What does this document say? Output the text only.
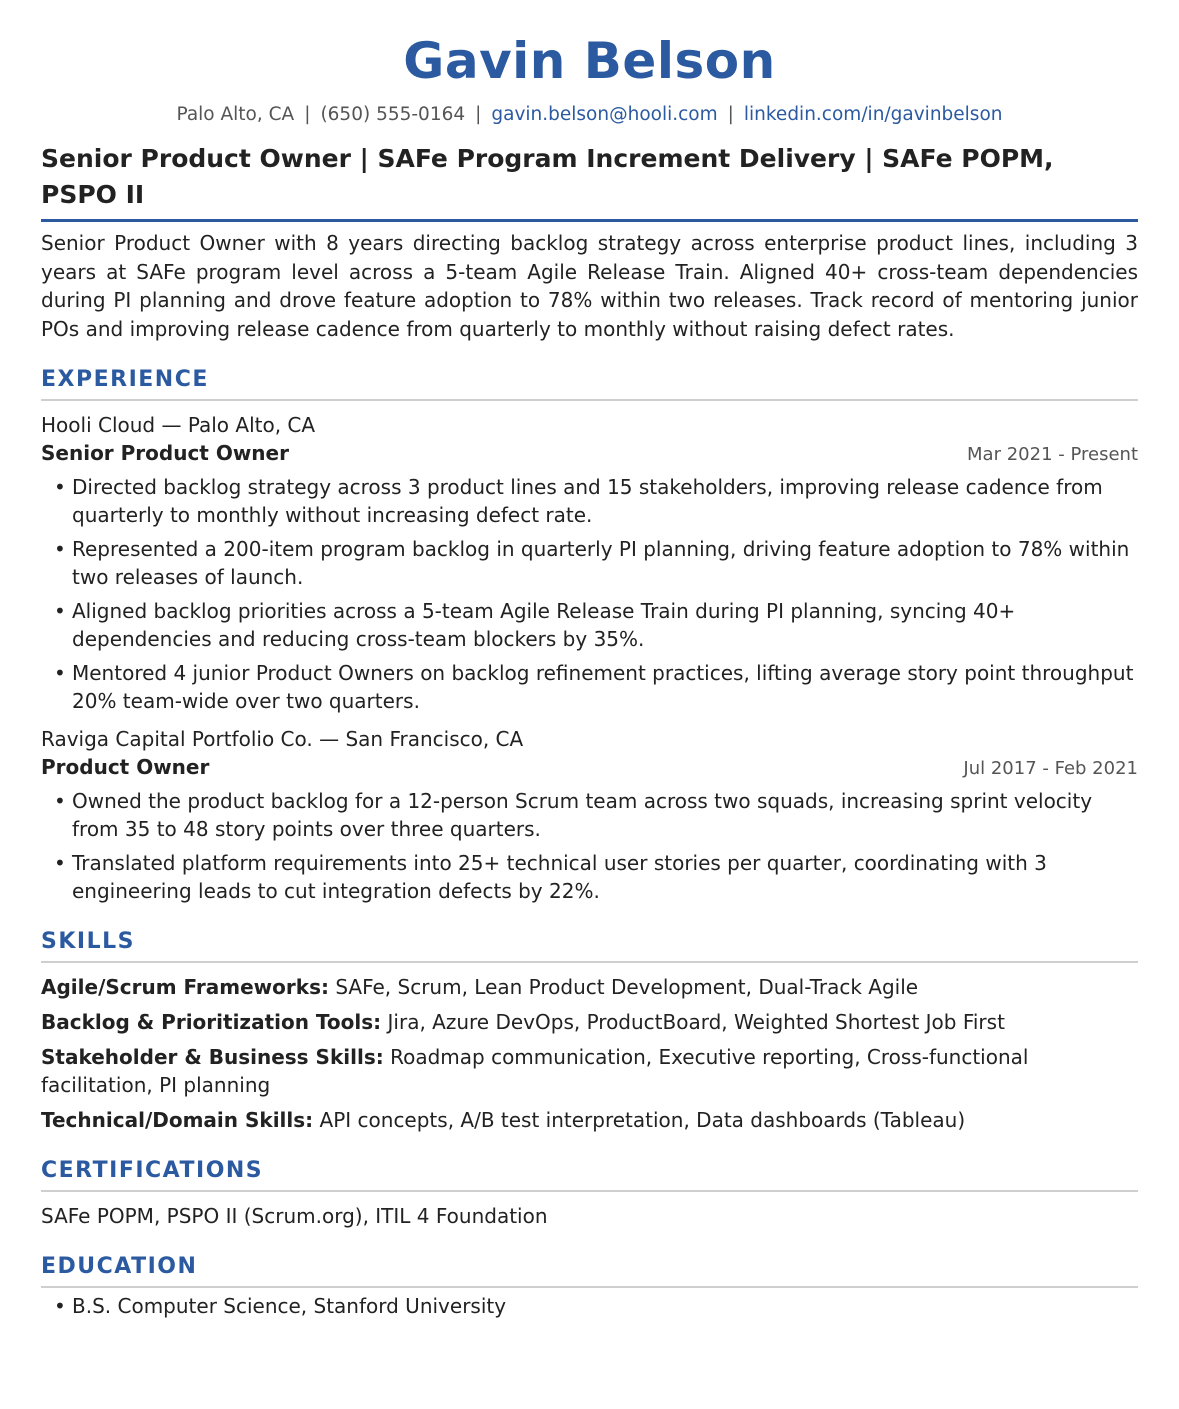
Gavin Belson
Palo Alto, CA | (650) 555-0164 | gavin.belson@hooli.com | linkedin.com/in/gavinbelson
Senior Product Owner | SAFe Program Increment Delivery | SAFe POPM, PSPO II
Senior Product Owner with 8 years directing backlog strategy across enterprise product lines, including 3 years at SAFe program level across a 5-team Agile Release Train. Aligned 40+ cross-team dependencies during PI planning and drove feature adoption to 78% within two releases. Track record of mentoring junior POs and improving release cadence from quarterly to monthly without raising defect rates.
EXPERIENCE
Hooli Cloud — Palo Alto, CA
Senior Product Owner	Mar 2021 - Present
• Directed backlog strategy across 3 product lines and 15 stakeholders, improving release cadence from quarterly to monthly without increasing defect rate.
• Represented a 200-item program backlog in quarterly PI planning, driving feature adoption to 78% within two releases of launch.
• Aligned backlog priorities across a 5-team Agile Release Train during PI planning, syncing 40+ dependencies and reducing cross-team blockers by 35%.
• Mentored 4 junior Product Owners on backlog refinement practices, lifting average story point throughput 20% team-wide over two quarters.
Raviga Capital Portfolio Co. — San Francisco, CA
Product Owner	Jul 2017 - Feb 2021
• Owned the product backlog for a 12-person Scrum team across two squads, increasing sprint velocity from 35 to 48 story points over three quarters.
• Translated platform requirements into 25+ technical user stories per quarter, coordinating with 3 engineering leads to cut integration defects by 22%.
SKILLS
Agile/Scrum Frameworks: SAFe, Scrum, Lean Product Development, Dual-Track Agile
Backlog & Prioritization Tools: Jira, Azure DevOps, ProductBoard, Weighted Shortest Job First
Stakeholder & Business Skills: Roadmap communication, Executive reporting, Cross-functional facilitation, PI planning
Technical/Domain Skills: API concepts, A/B test interpretation, Data dashboards (Tableau)
CERTIFICATIONS
SAFe POPM, PSPO II (Scrum.org), ITIL 4 Foundation
EDUCATION
• B.S. Computer Science, Stanford University
